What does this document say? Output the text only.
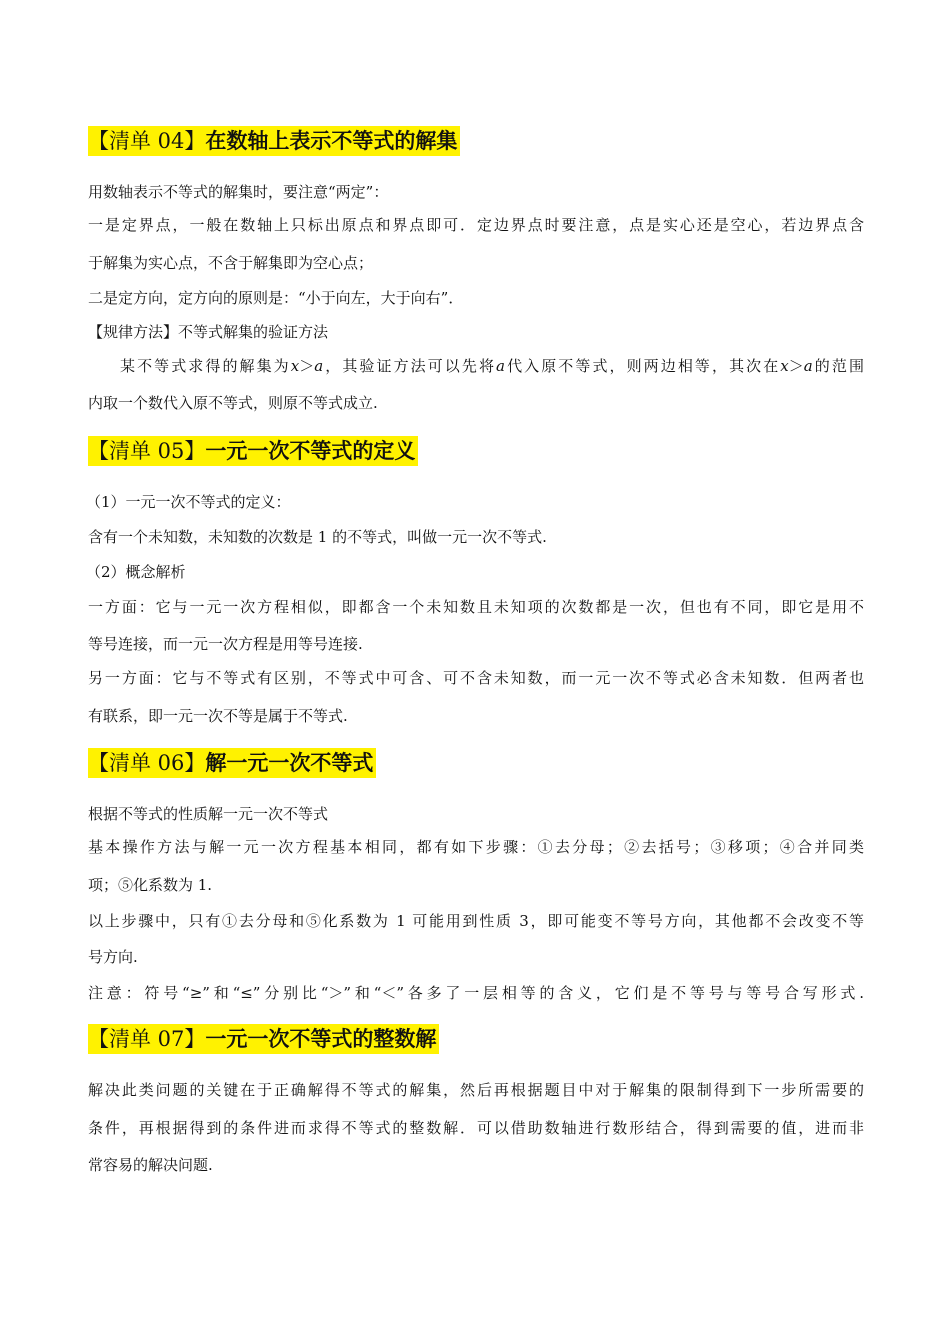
【清单 04】在数轴上表示不等式的解集
用数轴表示不等式的解集时，要注意“两定”：
一是定界点，一般在数轴上只标出原点和界点即可．定边界点时要注意，点是实心还是空心，若边界点含
于解集为实心点，不含于解集即为空心点；
二是定方向，定方向的原则是：“小于向左，大于向右”．
【规律方法】不等式解集的验证方法
某不等式求得的解集为x＞a，其验证方法可以先将a代入原不等式，则两边相等，其次在x＞a的范围
内取一个数代入原不等式，则原不等式成立.
【清单 05】一元一次不等式的定义
（1）一元一次不等式的定义：
含有一个未知数，未知数的次数是 1 的不等式，叫做一元一次不等式.
（2）概念解析
一方面：它与一元一次方程相似，即都含一个未知数且未知项的次数都是一次，但也有不同，即它是用不
等号连接，而一元一次方程是用等号连接.
另一方面：它与不等式有区别，不等式中可含、可不含未知数，而一元一次不等式必含未知数．但两者也
有联系，即一元一次不等是属于不等式.
【清单 06】解一元一次不等式
根据不等式的性质解一元一次不等式
基本操作方法与解一元一次方程基本相同，都有如下步骤：①去分母；②去括号；③移项；④合并同类
项；⑤化系数为 1.
以上步骤中，只有①去分母和⑤化系数为 1 可能用到性质 3，即可能变不等号方向，其他都不会改变不等
号方向.
注意：符号“≥”和“≤”分别比“＞”和“＜”各多了一层相等的含义，它们是不等号与等号合写形式.
【清单 07】一元一次不等式的整数解
解决此类问题的关键在于正确解得不等式的解集，然后再根据题目中对于解集的限制得到下一步所需要的
条件，再根据得到的条件进而求得不等式的整数解．可以借助数轴进行数形结合，得到需要的值，进而非
常容易的解决问题.
